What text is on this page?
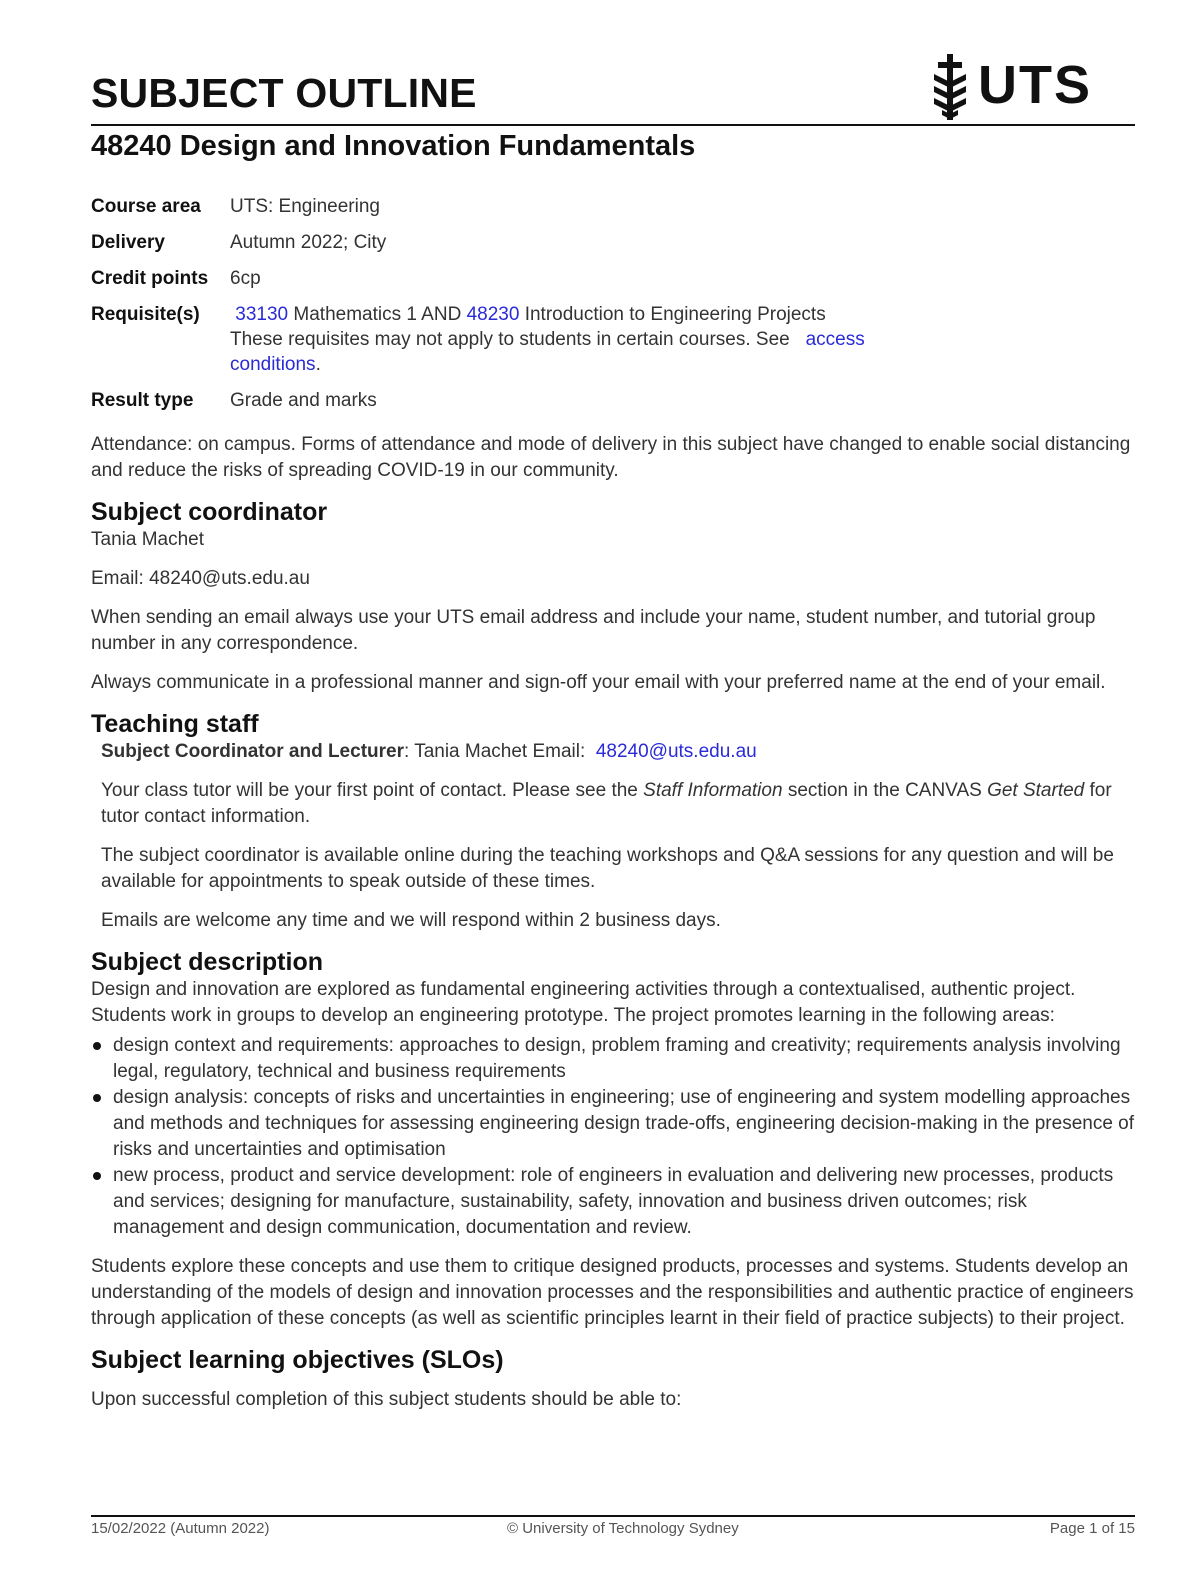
SUBJECT OUTLINE	UTS
48240 Design and Innovation Fundamentals
Course area	UTS: Engineering
Delivery	Autumn 2022; City
Credit points	6cp
Requisite(s)	33130 Mathematics 1 AND 48230 Introduction to Engineering Projects
These requisites may not apply to students in certain courses. See   access
conditions.
Result type	Grade and marks

Attendance: on campus. Forms of attendance and mode of delivery in this subject have changed to enable social distancing and reduce the risks of spreading COVID-19 in our community.

Subject coordinator

Tania Machet

Email: 48240@uts.edu.au

When sending an email always use your UTS email address and include your name, student number, and tutorial group number in any correspondence.

Always communicate in a professional manner and sign-off your email with your preferred name at the end of your email.

Teaching staff

Subject Coordinator and Lecturer: Tania Machet Email:  48240@uts.edu.au

Your class tutor will be your first point of contact. Please see the Staff Information section in the CANVAS Get Started for tutor contact information.

The subject coordinator is available online during the teaching workshops and Q&A sessions for any question and will be available for appointments to speak outside of these times.

Emails are welcome any time and we will respond within 2 business days.

Subject description

Design and innovation are explored as fundamental engineering activities through a contextualised, authentic project. Students work in groups to develop an engineering prototype. The project promotes learning in the following areas:

design context and requirements: approaches to design, problem framing and creativity; requirements analysis involving legal, regulatory, technical and business requirements
design analysis: concepts of risks and uncertainties in engineering; use of engineering and system modelling approaches and methods and techniques for assessing engineering design trade-offs, engineering decision-making in the presence of risks and uncertainties and optimisation
new process, product and service development: role of engineers in evaluation and delivering new processes, products and services; designing for manufacture, sustainability, safety, innovation and business driven outcomes; risk management and design communication, documentation and review.

Students explore these concepts and use them to critique designed products, processes and systems. Students develop an understanding of the models of design and innovation processes and the responsibilities and authentic practice of engineers through application of these concepts (as well as scientific principles learnt in their field of practice subjects) to their project.

Subject learning objectives (SLOs)

Upon successful completion of this subject students should be able to:

15/02/2022 (Autumn 2022)	© University of Technology Sydney	Page 1 of 15
